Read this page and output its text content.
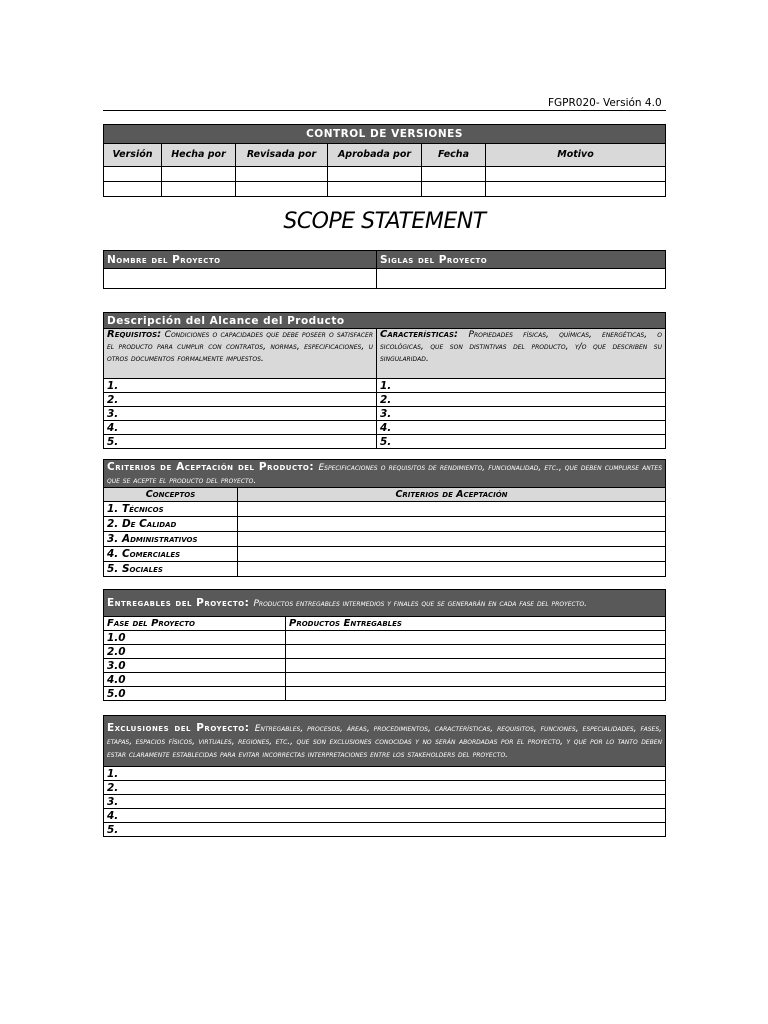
FGPR020- Versión 4.0
CONTROL DE VERSIONES					
Versión	Hecha por	Revisada por	Aprobada por	Fecha	Motivo

SCOPE STATEMENT
Nombre del Proyecto	Siglas del Proyecto

Descripción del Alcance del Producto	
Requisitos: Condiciones o capacidades que debe poseer o satisfacer el producto para cumplir con contratos, normas, especificaciones, u otros documentos formalmente impuestos.	Características: Propiedades físicas, químicas, energéticas, o sicológicas, que son distintivas del producto, y/o que describen su singularidad.
1.	1.
2.	2.
3.	3.
4.	4.
5.	5.
Criterios de Aceptación del Producto: Especificaciones o requisitos de rendimiento, funcionalidad, etc., que deben cumplirse antes que se acepte el producto del proyecto.	
Conceptos	Criterios de Aceptación
1. Técnicos	
2. De Calidad	
3. Administrativos	
4. Comerciales	
5. Sociales	
Entregables del Proyecto: Productos entregables intermedios y finales que se generarán en cada fase del proyecto.	
Fase del Proyecto	Productos Entregables
1.0	
2.0	
3.0	
4.0	
5.0	
Exclusiones del Proyecto: Entregables, procesos, áreas, procedimientos, características, requisitos, funciones, especialidades, fases, etapas, espacios físicos, virtuales, regiones, etc., que son exclusiones conocidas y no serán abordadas por el proyecto, y que por lo tanto deben estar claramente establecidas para evitar incorrectas interpretaciones entre los stakeholders del proyecto.
1.
2.
3.
4.
5.
